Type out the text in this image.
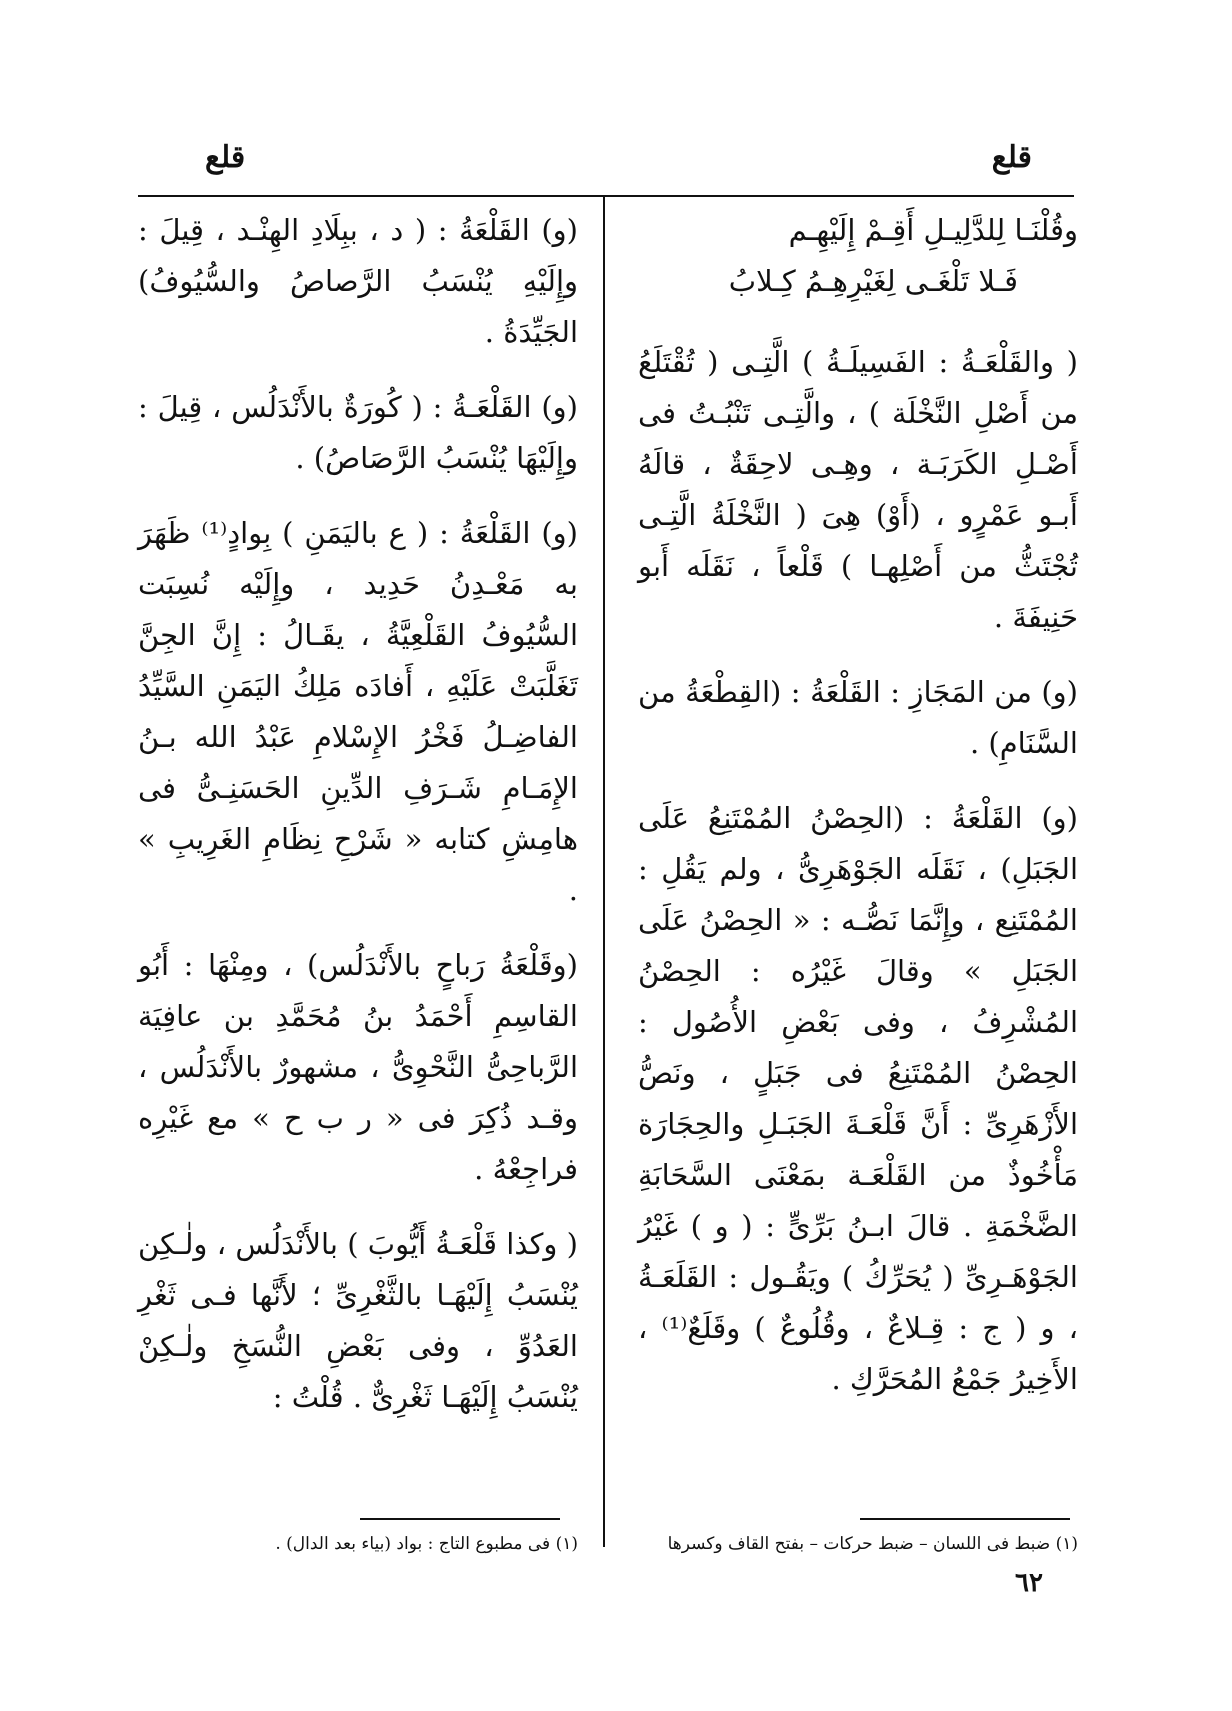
قلع
قلع
وقُلْنَـا لِلدَّلِيـلِ أَقِـمْ إِلَيْهِـم
فَـلا تَلْغَـى لِغَيْرِهِـمُ كِـلابُ

( والقَلْعَـةُ : الفَسِيلَـةُ ) الَّتِـى ( تُقْتَلَعُ من أَصْلِ النَّخْلَة ) ، والَّتِـى تَنْبُـتُ فى أَصْـلِ الكَرَبَـة ، وهِـى لاحِقَةٌ ، قالَهُ أَبـو عَمْرٍو ، (أَوْ) هِىَ ( النَّخْلَةُ الَّتِـى تُجْتَثُّ من أَصْلِهـا ) قَلْعاً ، نَقَلَه أَبو حَنِيفَةَ .

(و) من المَجَازِ : القَلْعَةُ : (القِطْعَةُ من السَّنَامِ) .

(و) القَلْعَةُ : (الحِصْنُ المُمْتَنِعُ عَلَى الجَبَلِ) ، نَقَلَه الجَوْهَرِىُّ ، ولم يَقُلِ : المُمْتَنِع ، وإِنَّمَا نَصُّـه : « الحِصْنُ عَلَى الجَبَلِ » وقالَ غَيْرُه : الحِصْنُ المُشْرِفُ ، وفى بَعْضِ الأُصُول : الحِصْنُ المُمْتَنِعُ فى جَبَلٍ ، ونَصُّ الأَزْهَرِىِّ : أَنَّ قَلْعَـةَ الجَبَـلِ والحِجَارَة مَأْخُوذٌ من القَلْعَـة بمَعْنَى السَّحَابَةِ الضَّخْمَةِ . قالَ ابـنُ بَرِّىٍّ : ( و ) غَيْرُ الجَوْهَـرِىِّ ( يُحَرِّكُ ) ويَقُـول : القَلَعَـةُ ، و ( ج : قِـلاعٌ ، وقُلُوعٌ ) وقَلَعٌ⁽¹⁾ ، الأَخِيرُ جَمْعُ المُحَرَّكِ .

(و) القَلْعَةُ : ( د ، ببِلَادِ الهِنْـد ، قِيلَ : وإِلَيْهِ يُنْسَبُ الرَّصاصُ والسُّيُوفُ) الجَيِّدَةُ .

(و) القَلْعَـةُ : ( كُورَةٌ بالأَنْدَلُس ، قِيلَ : وإِلَيْهَا يُنْسَبُ الرَّصَاصُ) .

(و) القَلْعَةُ : ( ع باليَمَنِ ) بِوادٍ⁽¹⁾ ظَهَرَ به مَعْـدِنُ حَدِيد ، وإِلَيْه نُسِبَت السُّيُوفُ القَلْعِيَّةُ ، يقَـالُ : إِنَّ الجِنَّ تَغَلَّبَتْ عَلَيْهِ ، أَفادَه مَلِكُ اليَمَنِ السَّيِّدُ الفاضِـلُ فَخْرُ الإِسْلامِ عَبْدُ الله بـنُ الإِمَـامِ شَـرَفِ الدِّينِ الحَسَنِـىُّ فى هامِشِ كتابه « شَرْحِ نِظَامِ الغَرِيبِ » .

(وقَلْعَةُ رَباحٍ بالأَنْدَلُس) ، ومِنْهَا : أَبُو القاسِمِ أَحْمَدُ بنُ مُحَمَّدِ بن عافِيَة الرَّباحِىُّ النَّحْوِىُّ ، مشهورٌ بالأَنْدَلُس ، وقـد ذُكِرَ فى « ر ب ح » مع غَيْرِه فراجِعْهُ .

( وكذا قَلْعَـةُ أَيُّوبَ ) بالأَنْدَلُس ، ولٰـكِن يُنْسَبُ إِلَيْهَـا بالثَّغْرِىِّ ؛ لأَنَّها فـى ثَغْرِ العَدُوِّ ، وفى بَعْضِ النُّسَخِ ولٰـكِنْ يُنْسَبُ إِلَيْهَـا ثَغْرِىٌّ . قُلْتُ :

(١) ضبط فى اللسان – ضبط حركات – بفتح القاف وكسرها
(١) فى مطبوع التاج : بواد (بياء بعد الدال) .
٦٢
